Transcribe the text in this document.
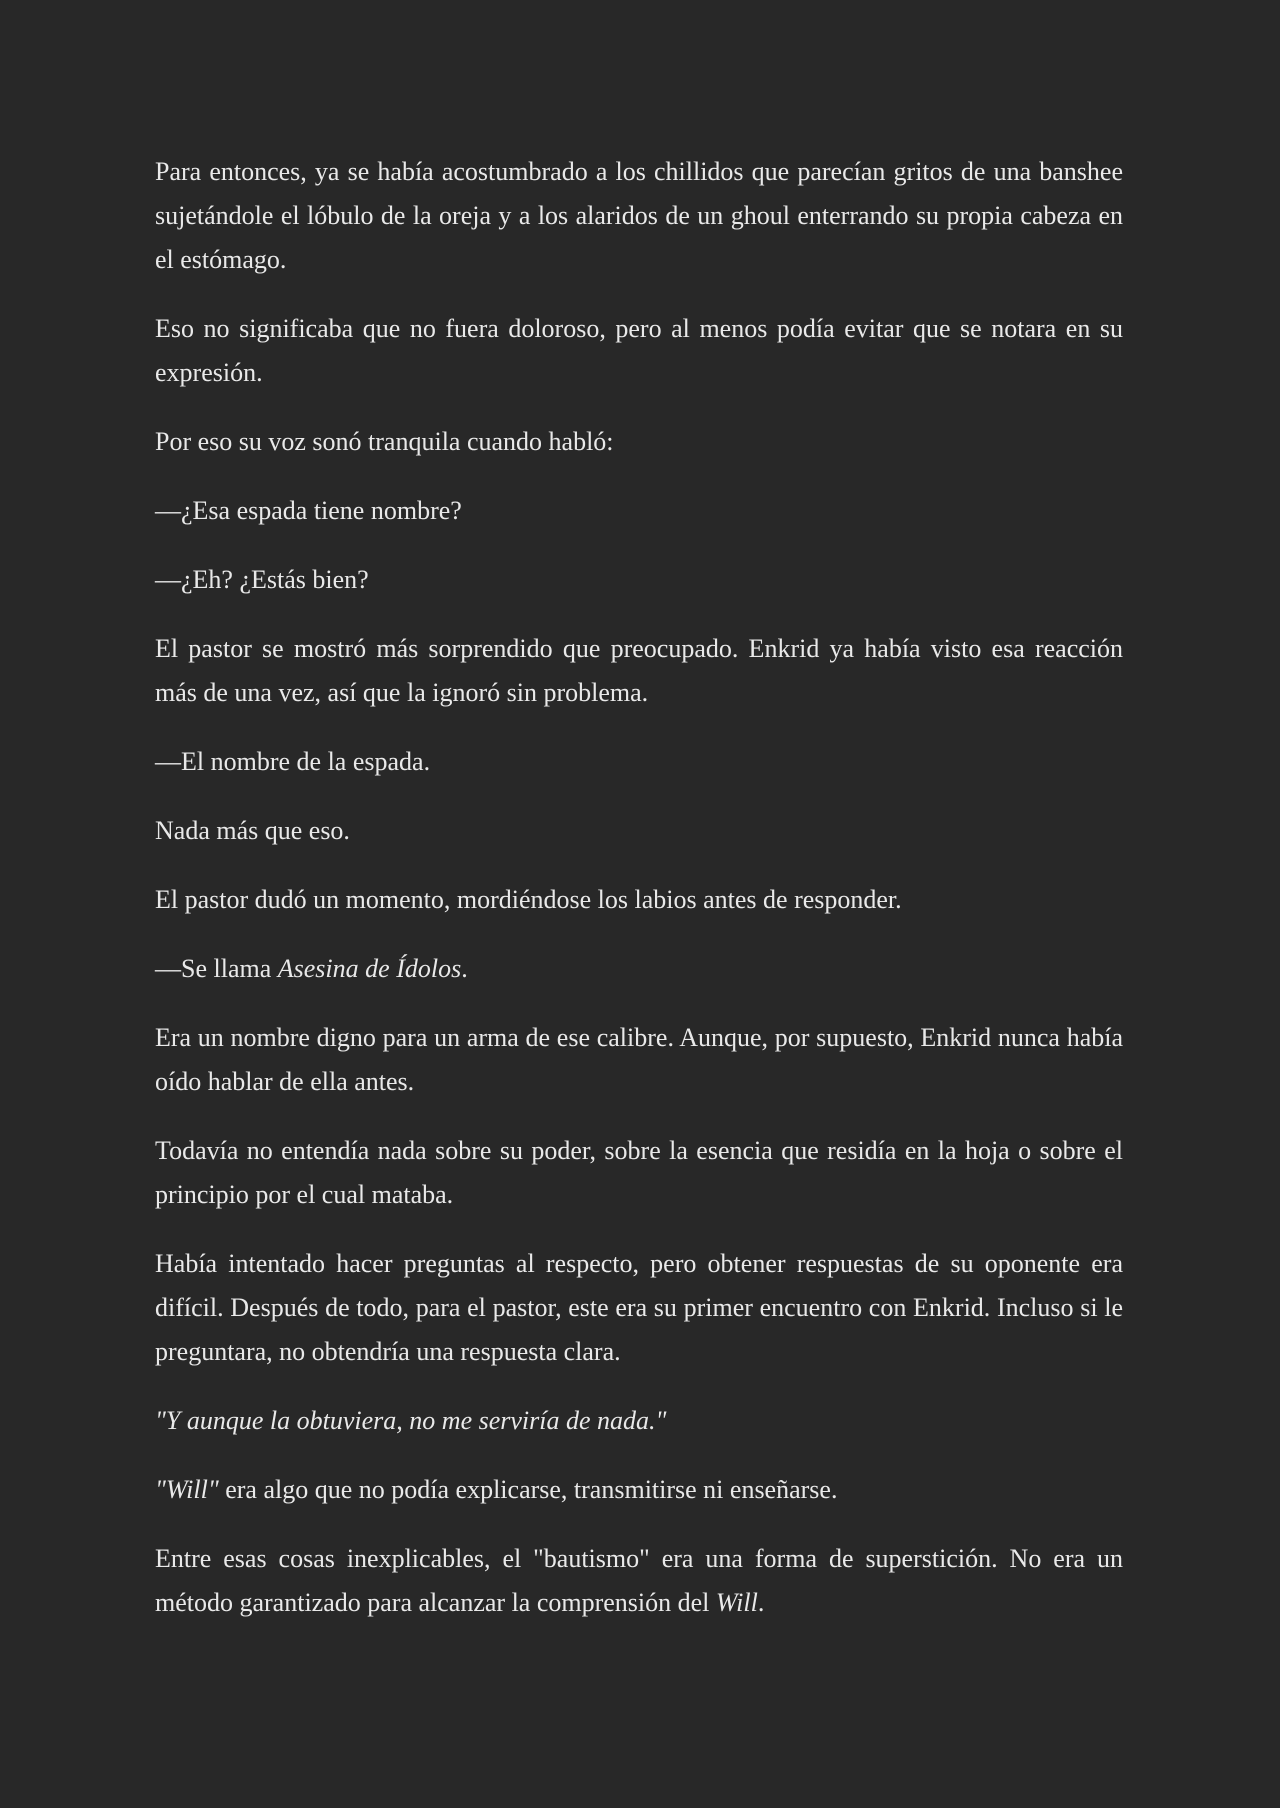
Para entonces, ya se había acostumbrado a los chillidos que parecían gritos de una banshee sujetándole el lóbulo de la oreja y a los alaridos de un ghoul enterrando su propia cabeza en el estómago.

Eso no significaba que no fuera doloroso, pero al menos podía evitar que se notara en su expresión.

Por eso su voz sonó tranquila cuando habló:

—¿Esa espada tiene nombre?

—¿Eh? ¿Estás bien?

El pastor se mostró más sorprendido que preocupado. Enkrid ya había visto esa reacción más de una vez, así que la ignoró sin problema.

—El nombre de la espada.

Nada más que eso.

El pastor dudó un momento, mordiéndose los labios antes de responder.

—Se llama Asesina de Ídolos.

Era un nombre digno para un arma de ese calibre. Aunque, por supuesto, Enkrid nunca había oído hablar de ella antes.

Todavía no entendía nada sobre su poder, sobre la esencia que residía en la hoja o sobre el principio por el cual mataba.

Había intentado hacer preguntas al respecto, pero obtener respuestas de su oponente era difícil. Después de todo, para el pastor, este era su primer encuentro con Enkrid. Incluso si le preguntara, no obtendría una respuesta clara.

"Y aunque la obtuviera, no me serviría de nada."

"Will" era algo que no podía explicarse, transmitirse ni enseñarse.

Entre esas cosas inexplicables, el "bautismo" era una forma de superstición. No era un método garantizado para alcanzar la comprensión del Will.
